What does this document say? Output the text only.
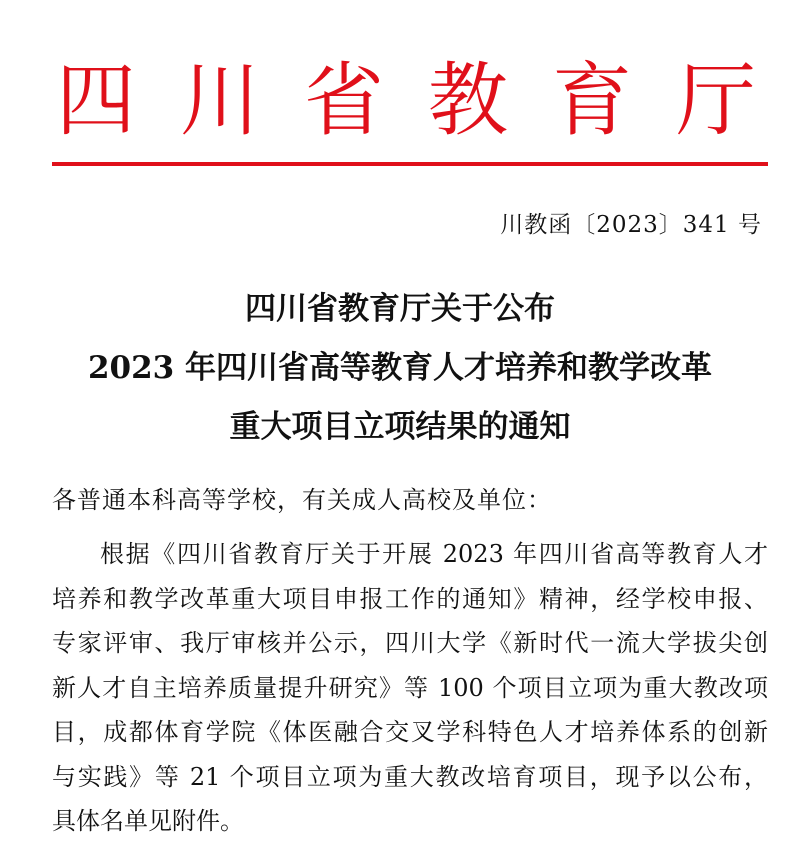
四 川 省 教 育 厅
川教函〔2023〕341 号
四川省教育厅关于公布
2023 年四川省高等教育人才培养和教学改革
重大项目立项结果的通知
各普通本科高等学校，有关成人高校及单位：
根据《四川省教育厅关于开展 2023 年四川省高等教育人才
培养和教学改革重大项目申报工作的通知》精神，经学校申报、
专家评审、我厅审核并公示，四川大学《新时代一流大学拔尖创
新人才自主培养质量提升研究》等 100 个项目立项为重大教改项
目，成都体育学院《体医融合交叉学科特色人才培养体系的创新
与实践》等 21 个项目立项为重大教改培育项目，现予以公布，
具体名单见附件。
